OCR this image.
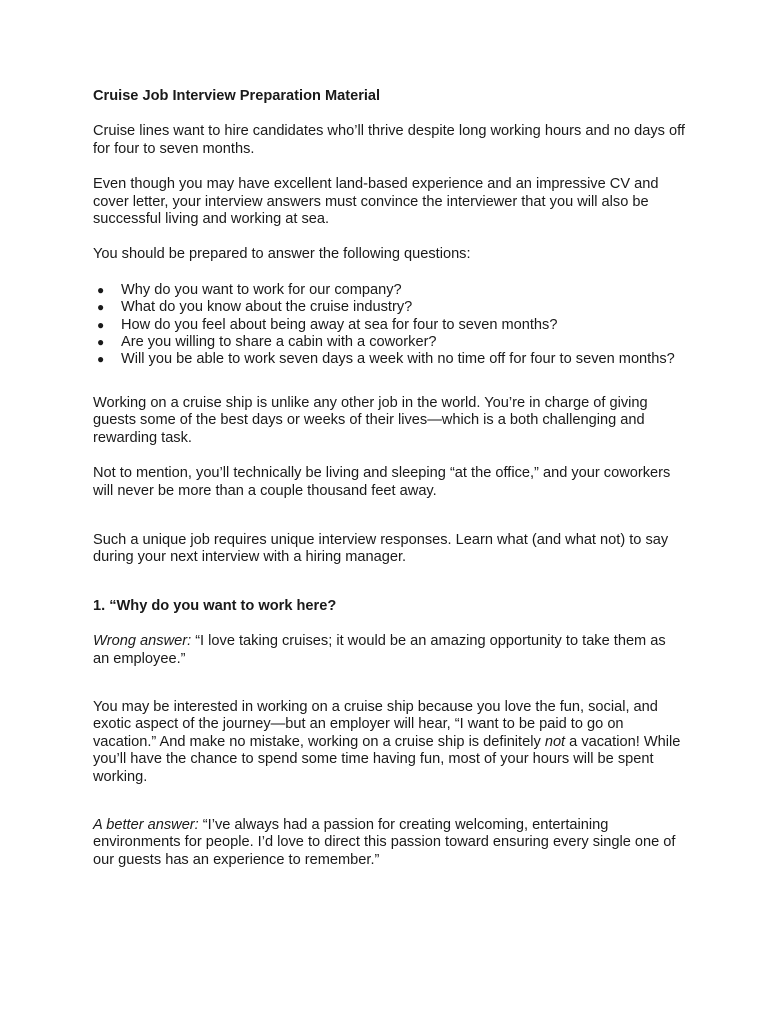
Cruise Job Interview Preparation Material

Cruise lines want to hire candidates who’ll thrive despite long working hours and no days off for four to seven months.

Even though you may have excellent land-based experience and an impressive CV and cover letter, your interview answers must convince the interviewer that you will also be successful living and working at sea.

You should be prepared to answer the following questions:

● Why do you want to work for our company?
● What do you know about the cruise industry?
● How do you feel about being away at sea for four to seven months?
● Are you willing to share a cabin with a coworker?
● Will you be able to work seven days a week with no time off for four to seven months?

Working on a cruise ship is unlike any other job in the world. You’re in charge of giving guests some of the best days or weeks of their lives—which is a both challenging and rewarding task.

Not to mention, you’ll technically be living and sleeping “at the office,” and your coworkers will never be more than a couple thousand feet away.

Such a unique job requires unique interview responses. Learn what (and what not) to say during your next interview with a hiring manager.

1. “Why do you want to work here?

Wrong answer: “I love taking cruises; it would be an amazing opportunity to take them as an employee.”

You may be interested in working on a cruise ship because you love the fun, social, and exotic aspect of the journey—but an employer will hear, “I want to be paid to go on vacation.” And make no mistake, working on a cruise ship is definitely not a vacation! While you’ll have the chance to spend some time having fun, most of your hours will be spent working.

A better answer: “I’ve always had a passion for creating welcoming, entertaining environments for people. I’d love to direct this passion toward ensuring every single one of our guests has an experience to remember.”
